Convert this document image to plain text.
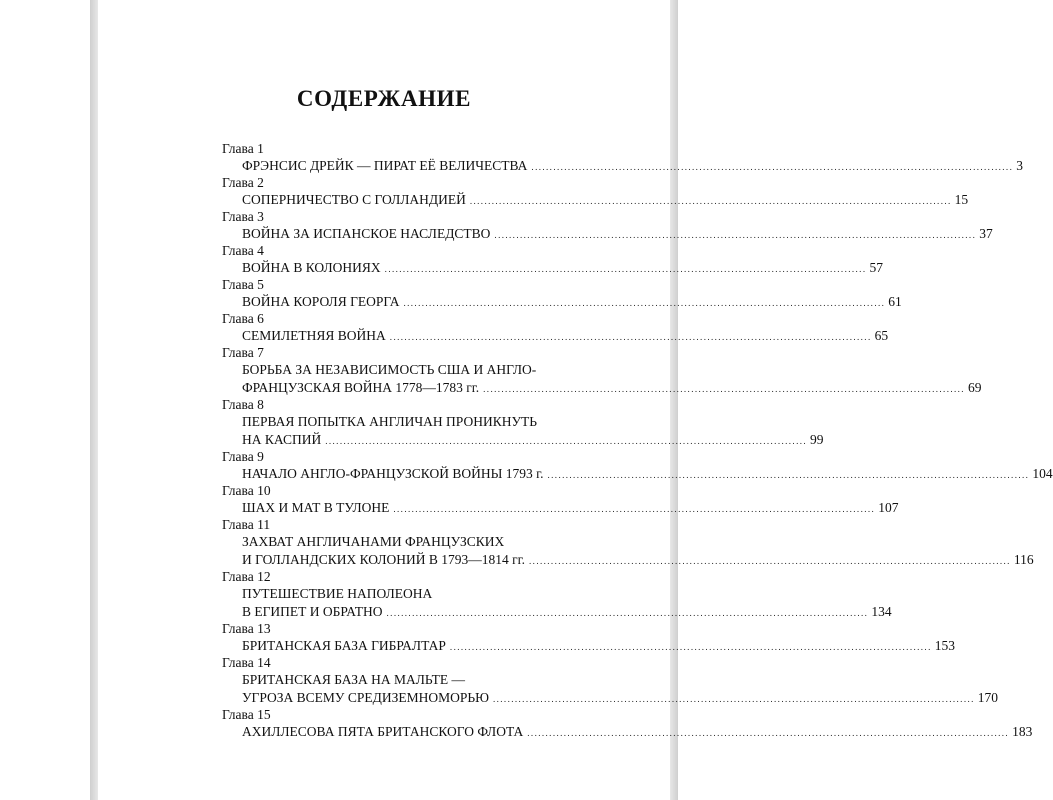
СОДЕРЖАНИЕ
Глава 1
ФРЭНСИС ДРЕЙК — ПИРАТ ЕЁ ВЕЛИЧЕСТВА .................................................................................................................................... 3
Глава 2
СОПЕРНИЧЕСТВО С ГОЛЛАНДИЕЙ .................................................................................................................................... 15
Глава 3
ВОЙНА ЗА ИСПАНСКОЕ НАСЛЕДСТВО .................................................................................................................................... 37
Глава 4
ВОЙНА В КОЛОНИЯХ .................................................................................................................................... 57
Глава 5
ВОЙНА КОРОЛЯ ГЕОРГА .................................................................................................................................... 61
Глава 6
СЕМИЛЕТНЯЯ ВОЙНА .................................................................................................................................... 65
Глава 7
БОРЬБА ЗА НЕЗАВИСИМОСТЬ США И АНГЛО-
ФРАНЦУЗСКАЯ ВОЙНА 1778—1783 гг. .................................................................................................................................... 69
Глава 8
ПЕРВАЯ ПОПЫТКА АНГЛИЧАН ПРОНИКНУТЬ
НА КАСПИЙ .................................................................................................................................... 99
Глава 9
НАЧАЛО АНГЛО-ФРАНЦУЗСКОЙ ВОЙНЫ 1793 г. .................................................................................................................................... 104
Глава 10
ШАХ И МАТ В ТУЛОНЕ .................................................................................................................................... 107
Глава 11
ЗАХВАТ АНГЛИЧАНАМИ ФРАНЦУЗСКИХ
И ГОЛЛАНДСКИХ КОЛОНИЙ В 1793—1814 гг. .................................................................................................................................... 116
Глава 12
ПУТЕШЕСТВИЕ НАПОЛЕОНА
В ЕГИПЕТ И ОБРАТНО .................................................................................................................................... 134
Глава 13
БРИТАНСКАЯ БАЗА ГИБРАЛТАР .................................................................................................................................... 153
Глава 14
БРИТАНСКАЯ БАЗА НА МАЛЬТЕ —
УГРОЗА ВСЕМУ СРЕДИЗЕМНОМОРЬЮ .................................................................................................................................... 170
Глава 15
АХИЛЛЕСОВА ПЯТА БРИТАНСКОГО ФЛОТА .................................................................................................................................... 183
